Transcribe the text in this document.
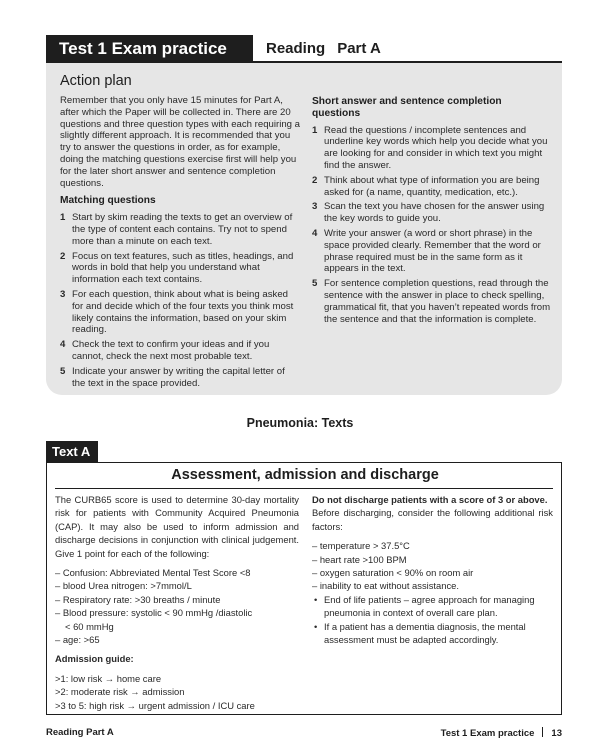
Test 1 Exam practice	Reading Part A
Action plan

Remember that you only have 15 minutes for Part A, after which the Paper will be collected in. There are 20 questions and three question types with each requiring a slightly different approach. It is recommended that you try to answer the questions in order, as for example, doing the matching questions exercise first will help you for the later short answer and sentence completion questions.

Matching questions
1 Start by skim reading the texts to get an overview of the type of content each contains. Try not to spend more than a minute on each text.
2 Focus on text features, such as titles, headings, and words in bold that help you understand what information each text contains.
3 For each question, think about what is being asked for and decide which of the four texts you think most likely contains the information, based on your skim reading.
4 Check the text to confirm your ideas and if you cannot, check the next most probable text.
5 Indicate your answer by writing the capital letter of the text in the space provided.
Short answer and sentence completion questions
1 Read the questions / incomplete sentences and underline key words which help you decide what you are looking for and consider in which text you might find the answer.
2 Think about what type of information you are being asked for (a name, quantity, medication, etc.).
3 Scan the text you have chosen for the answer using the key words to guide you.
4 Write your answer (a word or short phrase) in the space provided clearly. Remember that the word or phrase required must be in the same form as it appears in the text.
5 For sentence completion questions, read through the sentence with the answer in place to check spelling, grammatical fit, that you haven’t repeated words from the sentence and that the information is complete.
Pneumonia: Texts
Text A
Assessment, admission and discharge

The CURB65 score is used to determine 30-day mortality risk for patients with Community Acquired Pneumonia (CAP). It may also be used to inform admission and discharge decisions in conjunction with clinical judgement. Give 1 point for each of the following:

– Confusion: Abbreviated Mental Test Score <8
– blood Urea nitrogen: >7mmol/L
– Respiratory rate: >30 breaths / minute
– Blood pressure: systolic < 90 mmHg /diastolic
< 60 mmHg
– age: >65
Admission guide:
>1: low risk → home care
>2: moderate risk → admission
>3 to 5: high risk → urgent admission / ICU care
Do not discharge patients with a score of 3 or above.

Before discharging, consider the following additional risk factors:

– temperature > 37.5°C
– heart rate >100 BPM
– oxygen saturation < 90% on room air
– inability to eat without assistance.
• End of life patients – agree approach for managing pneumonia in context of overall care plan.
• If a patient has a dementia diagnosis, the mental assessment must be adapted accordingly.
Reading Part A	Test 1 Exam practice 13
